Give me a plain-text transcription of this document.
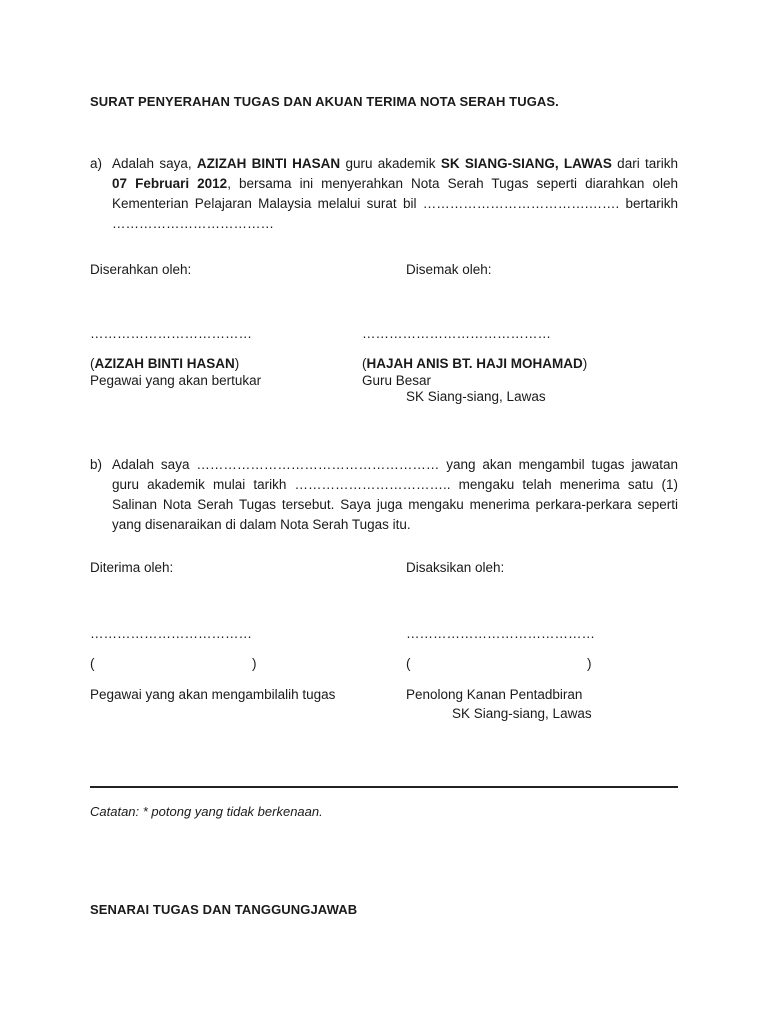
SURAT PENYERAHAN TUGAS DAN AKUAN TERIMA NOTA SERAH TUGAS.
a) Adalah saya, AZIZAH BINTI HASAN guru akademik SK SIANG-SIANG, LAWAS dari tarikh 07 Februari 2012, bersama ini menyerahkan Nota Serah Tugas seperti diarahkan oleh Kementerian Pelajaran Malaysia melalui surat bil ……………………………….……. bertarikh ………………………………
Diserahkan oleh:	Disemak oleh:
………………………………	……………………………………
(AZIZAH BINTI HASAN)	(HAJAH ANIS BT. HAJI MOHAMAD)
Pegawai yang akan bertukar	Guru Besar
SK Siang-siang, Lawas
b) Adalah saya ……………………………………………… yang akan mengambil tugas jawatan guru akademik mulai tarikh …………………………….. mengaku telah menerima satu (1) Salinan Nota Serah Tugas tersebut. Saya juga mengaku menerima perkara-perkara seperti yang disenaraikan di dalam Nota Serah Tugas itu.
Diterima oleh:	Disaksikan oleh:
………………………………	……………………………………
(	)	(	)
Pegawai yang akan mengambilalih tugas	Penolong Kanan Pentadbiran
SK Siang-siang, Lawas
Catatan: * potong yang tidak berkenaan.
SENARAI TUGAS DAN TANGGUNGJAWAB
